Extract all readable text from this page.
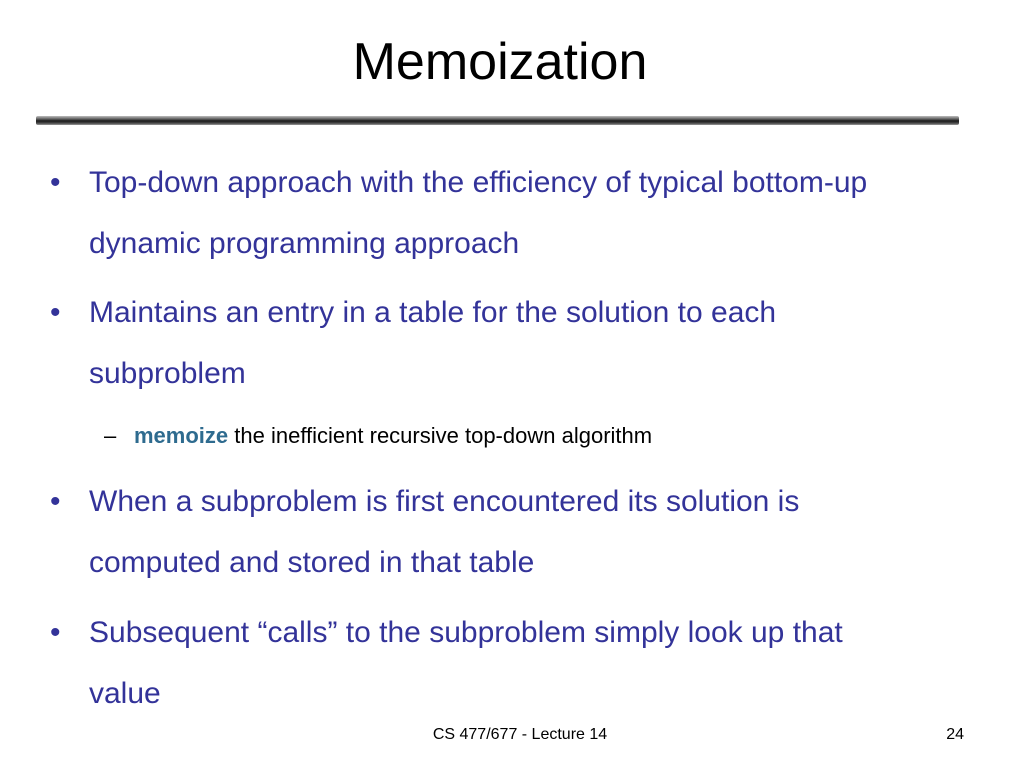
Memoization
• Top-down approach with the efficiency of typical bottom-up
dynamic programming approach
• Maintains an entry in a table for the solution to each
subproblem
– memoize the inefficient recursive top-down algorithm
• When a subproblem is first encountered its solution is
computed and stored in that table
• Subsequent “calls” to the subproblem simply look up that
value
CS 477/677 - Lecture 14	24
